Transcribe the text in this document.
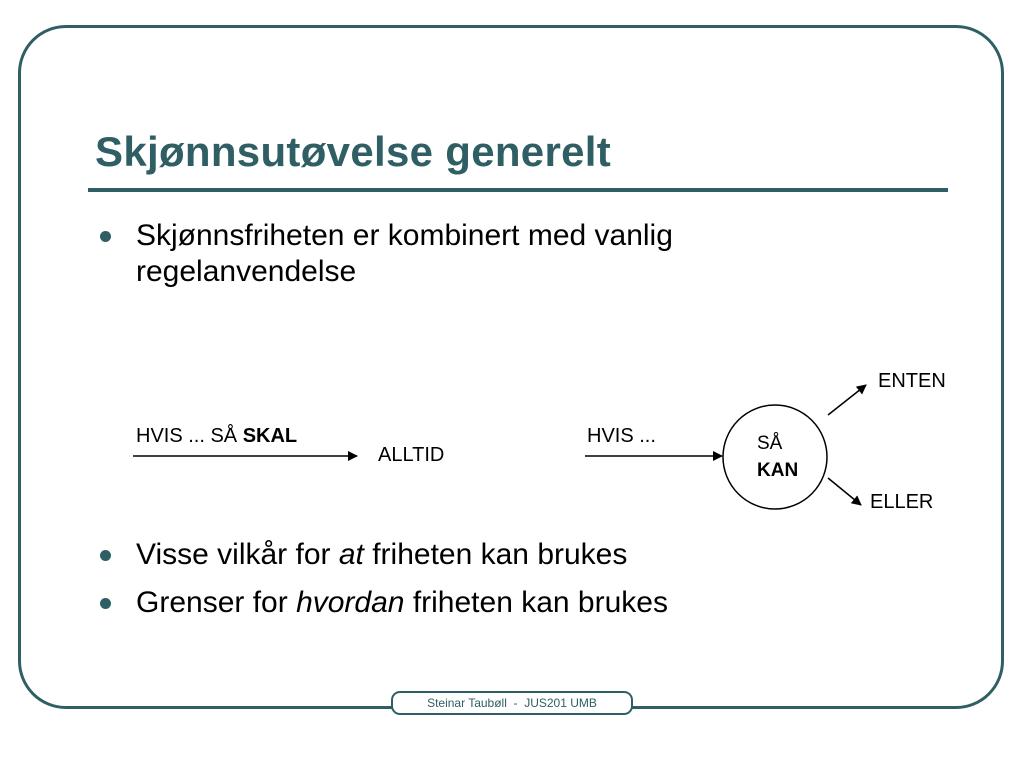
Skjønnsutøvelse generelt
Skjønnsfriheten er kombinert med vanlig
regelanvendelse
HVIS ... SÅ SKAL
ALLTID
HVIS ...	SÅ
KAN
ENTEN
ELLER
Visse vilkår for at friheten kan brukes
Grenser for hvordan friheten kan brukes
Steinar Taubøll  -  JUS201 UMB
